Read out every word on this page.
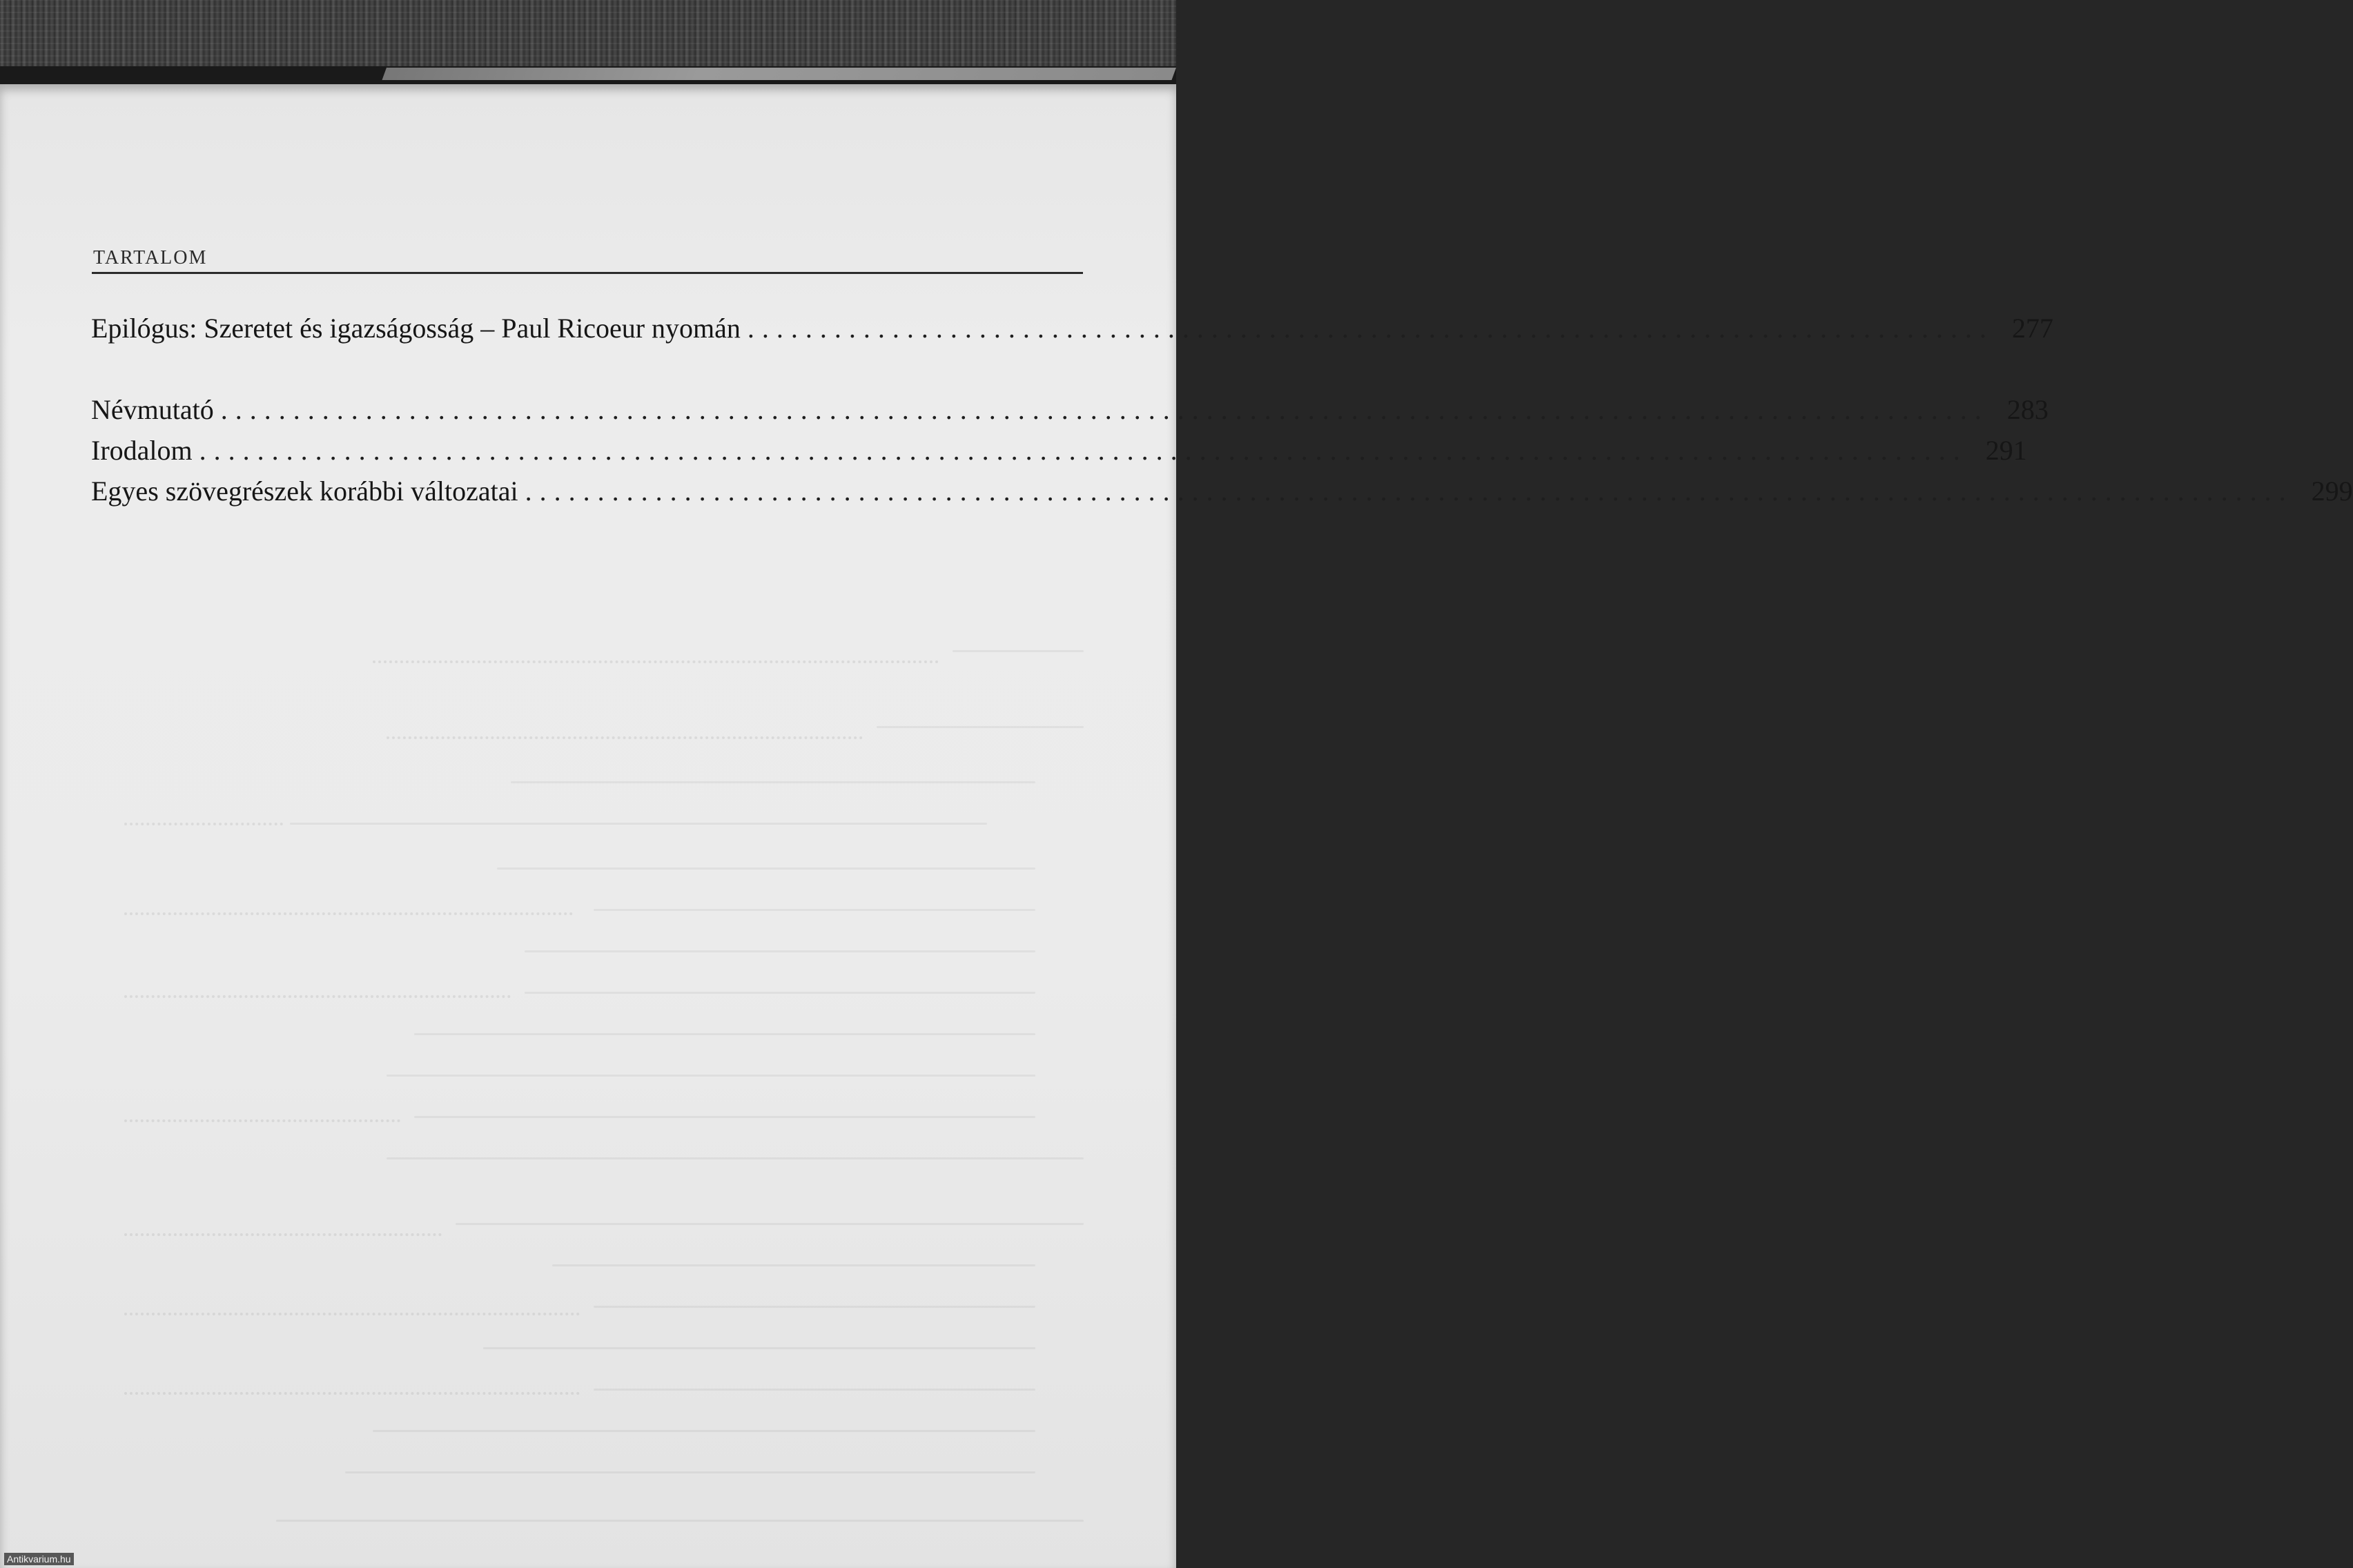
TARTALOM
Epilógus: Szeretet és igazságosság – Paul Ricoeur nyomán ...................................................................................... 277
Névmutató .......................................................................................................................... 283
Irodalom .......................................................................................................................... 291
Egyes szövegrészek korábbi változatai .......................................................................................................................... 299
Antikvarium.hu
